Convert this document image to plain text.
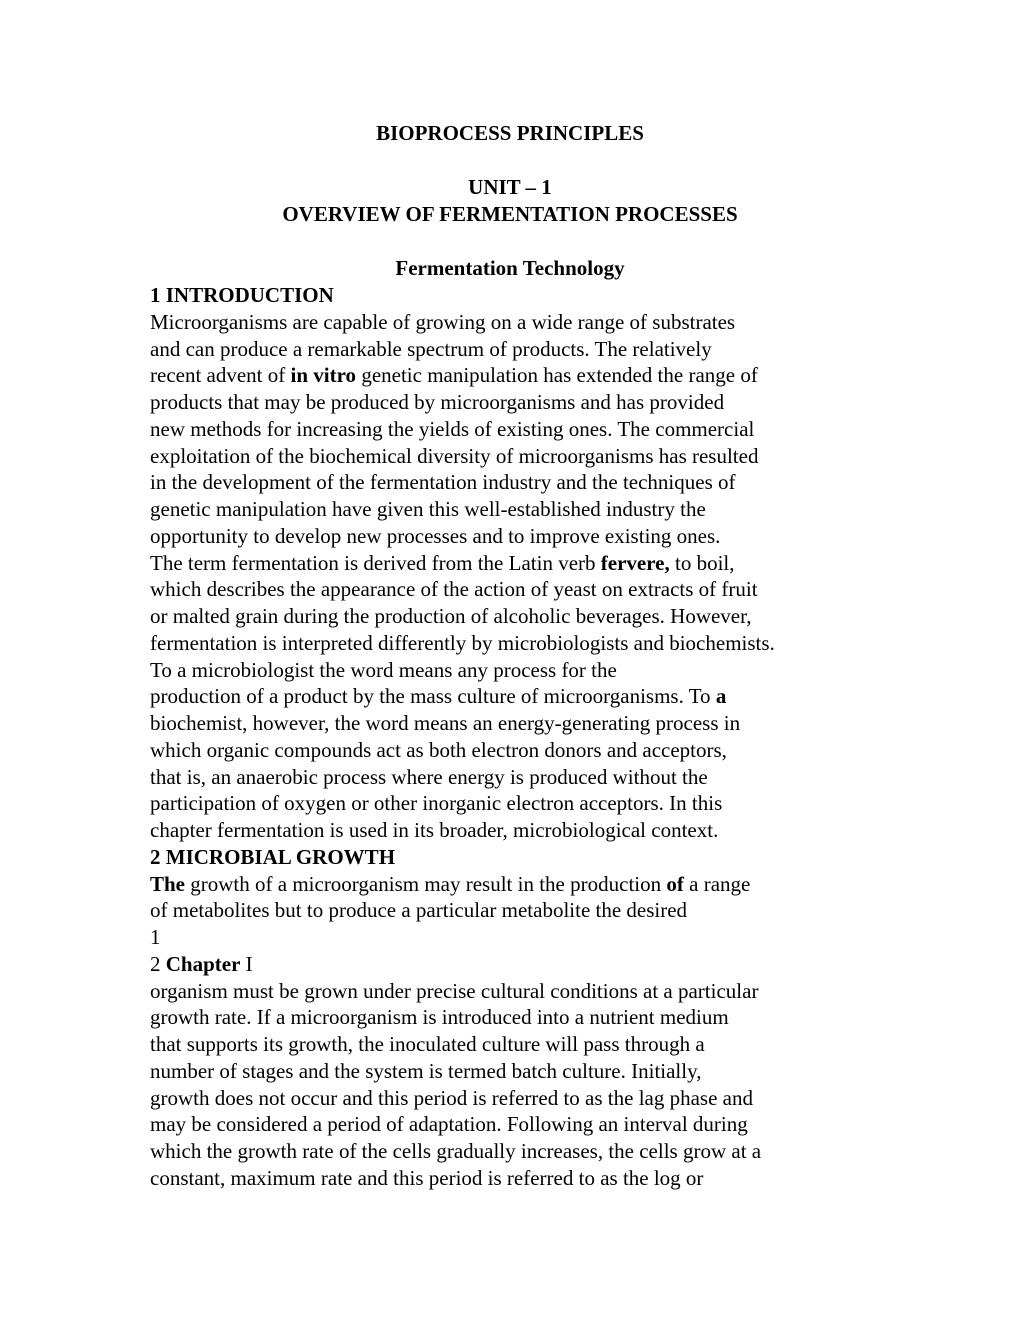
BIOPROCESS PRINCIPLES
UNIT – 1
OVERVIEW OF FERMENTATION PROCESSES
Fermentation Technology
1 INTRODUCTION
Microorganisms are capable of growing on a wide range of substrates
and can produce a remarkable spectrum of products. The relatively
recent advent of in vitro genetic manipulation has extended the range of
products that may be produced by microorganisms and has provided
new methods for increasing the yields of existing ones. The commercial
exploitation of the biochemical diversity of microorganisms has resulted
in the development of the fermentation industry and the techniques of
genetic manipulation have given this well-established industry the
opportunity to develop new processes and to improve existing ones.
The term fermentation is derived from the Latin verb fervere, to boil,
which describes the appearance of the action of yeast on extracts of fruit
or malted grain during the production of alcoholic beverages. However,
fermentation is interpreted differently by microbiologists and biochemists.
To a microbiologist the word means any process for the
production of a product by the mass culture of microorganisms. To a
biochemist, however, the word means an energy-generating process in
which organic compounds act as both electron donors and acceptors,
that is, an anaerobic process where energy is produced without the
participation of oxygen or other inorganic electron acceptors. In this
chapter fermentation is used in its broader, microbiological context.
2 MICROBIAL GROWTH
The growth of a microorganism may result in the production of a range
of metabolites but to produce a particular metabolite the desired
1
2 Chapter I
organism must be grown under precise cultural conditions at a particular
growth rate. If a microorganism is introduced into a nutrient medium
that supports its growth, the inoculated culture will pass through a
number of stages and the system is termed batch culture. Initially,
growth does not occur and this period is referred to as the lag phase and
may be considered a period of adaptation. Following an interval during
which the growth rate of the cells gradually increases, the cells grow at a
constant, maximum rate and this period is referred to as the log or
